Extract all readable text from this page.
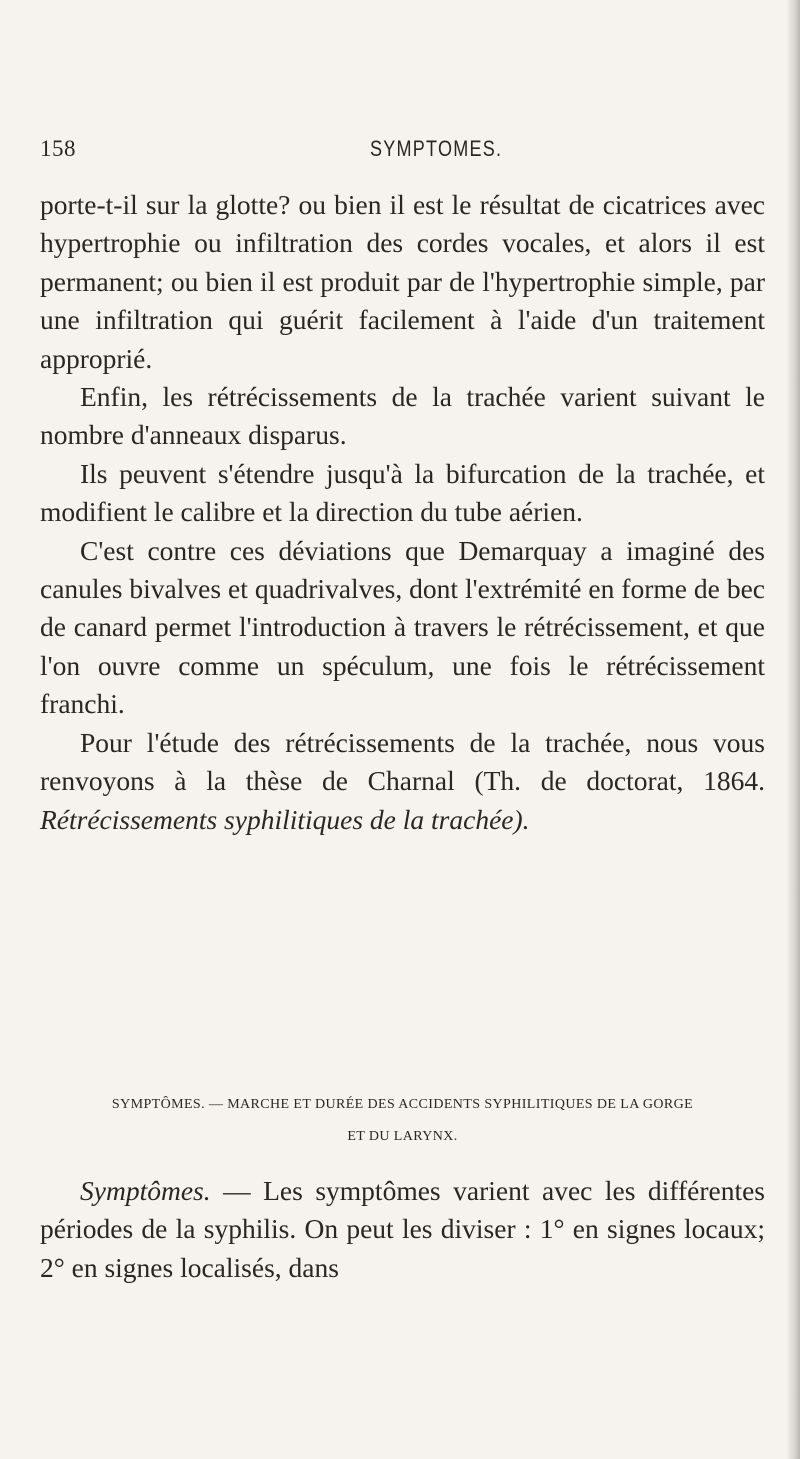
158	SYMPTOMES.

porte-t-il sur la glotte? ou bien il est le résultat de cicatrices avec hypertrophie ou infiltration des cordes vocales, et alors il est permanent; ou bien il est produit par de l'hypertrophie simple, par une infiltration qui guérit facilement à l'aide d'un traitement approprié.

Enfin, les rétrécissements de la trachée varient suivant le nombre d'anneaux disparus.

Ils peuvent s'étendre jusqu'à la bifurcation de la trachée, et modifient le calibre et la direction du tube aérien.

C'est contre ces déviations que Demarquay a imaginé des canules bivalves et quadrivalves, dont l'extrémité en forme de bec de canard permet l'introduction à travers le rétrécissement, et que l'on ouvre comme un spéculum, une fois le rétrécissement franchi.

Pour l'étude des rétrécissements de la trachée, nous vous renvoyons à la thèse de Charnal (Th. de doctorat, 1864. Rétrécissements syphilitiques de la trachée).

SYMPTÔMES. — MARCHE ET DURÉE DES ACCIDENTS SYPHILITIQUES DE LA GORGE
ET DU LARYNX.

Symptômes. — Les symptômes varient avec les différentes périodes de la syphilis. On peut les diviser : 1° en signes locaux; 2° en signes localisés, dans
